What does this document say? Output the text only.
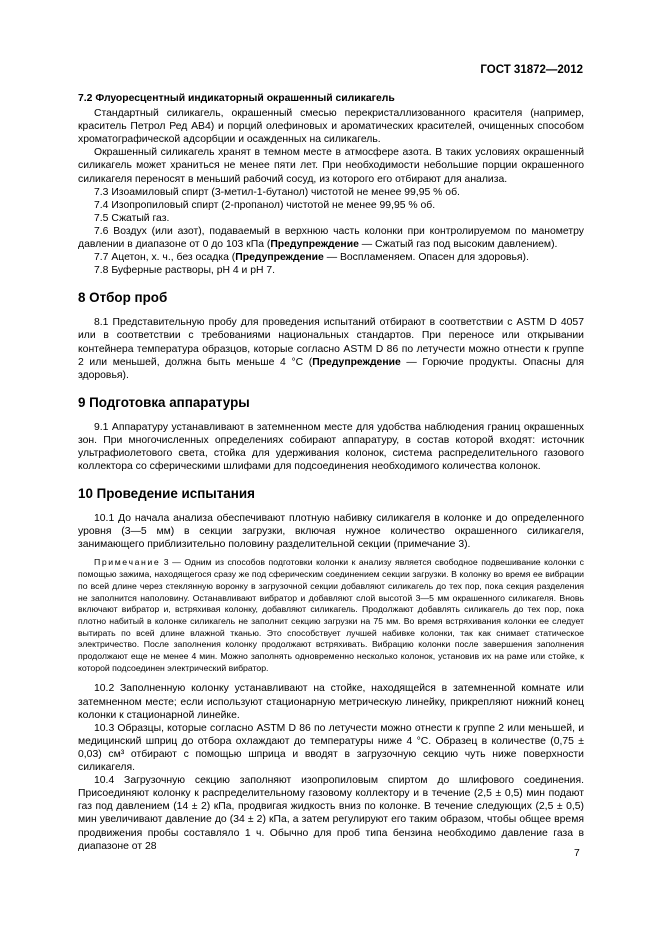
ГОСТ 31872—2012

7.2 Флуоресцентный индикаторный окрашенный силикагель

Стандартный силикагель, окрашенный смесью перекристаллизованного красителя (например, краситель Петрол Ред АВ4) и порций олефиновых и ароматических красителей, очищенных способом хроматографической адсорбции и осажденных на силикагель.

Окрашенный силикагель хранят в темном месте в атмосфере азота. В таких условиях окрашенный силикагель может храниться не менее пяти лет. При необходимости небольшие порции окрашенного силикагеля переносят в меньший рабочий сосуд, из которого его отбирают для анализа.

7.3 Изоамиловый спирт (3-метил-1-бутанол) чистотой не менее 99,95 % об.

7.4 Изопропиловый спирт (2-пропанол) чистотой не менее 99,95 % об.

7.5 Сжатый газ.

7.6 Воздух (или азот), подаваемый в верхнюю часть колонки при контролируемом по манометру давлении в диапазоне от 0 до 103 кПа (Предупреждение — Сжатый газ под высоким давлением).

7.7 Ацетон, х. ч., без осадка (Предупреждение — Воспламеняем. Опасен для здоровья).

7.8 Буферные растворы, рН 4 и рН 7.

8 Отбор проб

8.1 Представительную пробу для проведения испытаний отбирают в соответствии с ASTM D 4057 или в соответствии с требованиями национальных стандартов. При переносе или открывании контейнера температура образцов, которые согласно ASTM D 86 по летучести можно отнести к группе 2 или меньшей, должна быть меньше 4 °С (Предупреждение — Горючие продукты. Опасны для здоровья).

9 Подготовка аппаратуры

9.1 Аппаратуру устанавливают в затемненном месте для удобства наблюдения границ окрашенных зон. При многочисленных определениях собирают аппаратуру, в состав которой входят: источник ультрафиолетового света, стойка для удерживания колонок, система распределительного газового коллектора со сферическими шлифами для подсоединения необходимого количества колонок.

10 Проведение испытания

10.1 До начала анализа обеспечивают плотную набивку силикагеля в колонке и до определенного уровня (3—5 мм) в секции загрузки, включая нужное количество окрашенного силикагеля, занимающего приблизительно половину разделительной секции (примечание 3).

Примечание 3 — Одним из способов подготовки колонки к анализу является свободное подвешивание колонки с помощью зажима, находящегося сразу же под сферическим соединением секции загрузки. В колонку во время ее вибрации по всей длине через стеклянную воронку в загрузочной секции добавляют силикагель до тех пор, пока секция разделения не заполнится наполовину. Останавливают вибратор и добавляют слой высотой 3—5 мм окрашенного силикагеля. Вновь включают вибратор и, встряхивая колонку, добавляют силикагель. Продолжают добавлять силикагель до тех пор, пока плотно набитый в колонке силикагель не заполнит секцию загрузки на 75 мм. Во время встряхивания колонки ее следует вытирать по всей длине влажной тканью. Это способствует лучшей набивке колонки, так как снимает статическое электричество. После заполнения колонку продолжают встряхивать. Вибрацию колонки после завершения заполнения продолжают еще не менее 4 мин. Можно заполнять одновременно несколько колонок, установив их на раме или стойке, к которой подсоединен электрический вибратор.

10.2 Заполненную колонку устанавливают на стойке, находящейся в затемненной комнате или затемненном месте; если используют стационарную метрическую линейку, прикрепляют нижний конец колонки к стационарной линейке.

10.3 Образцы, которые согласно ASTM D 86 по летучести можно отнести к группе 2 или меньшей, и медицинский шприц до отбора охлаждают до температуры ниже 4 °С. Образец в количестве (0,75 ± 0,03) см³ отбирают с помощью шприца и вводят в загрузочную секцию чуть ниже поверхности силикагеля.

10.4 Загрузочную секцию заполняют изопропиловым спиртом до шлифового соединения. Присоединяют колонку к распределительному газовому коллектору и в течение (2,5 ± 0,5) мин подают газ под давлением (14 ± 2) кПа, продвигая жидкость вниз по колонке. В течение следующих (2,5 ± 0,5) мин увеличивают давление до (34 ± 2) кПа, а затем регулируют его таким образом, чтобы общее время продвижения пробы составляло 1 ч. Обычно для проб типа бензина необходимо давление газа в диапазоне от 28

7
